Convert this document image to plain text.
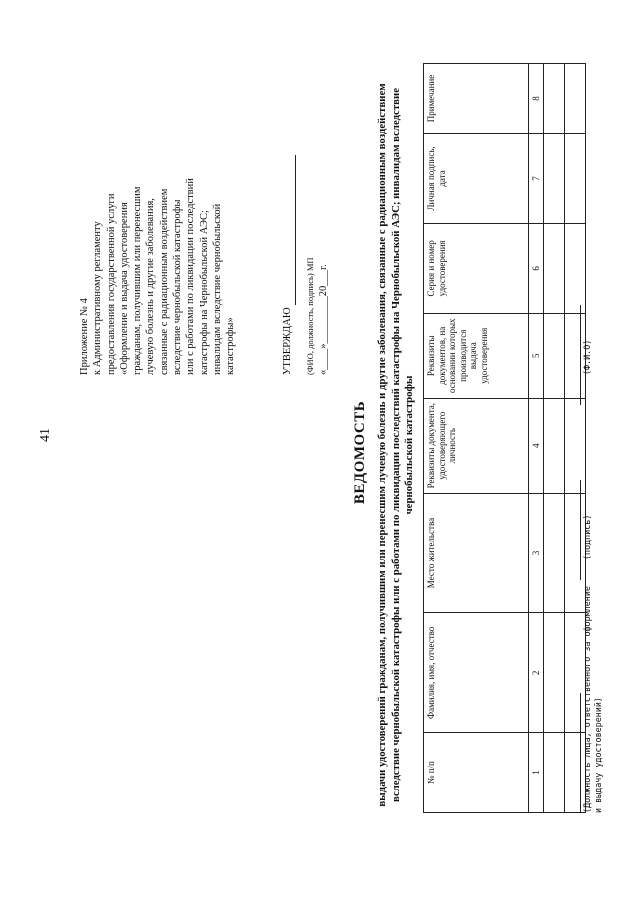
41
Приложение № 4 к Административному регламенту предоставления государственной услуги «Оформление и выдача удостоверения гражданам, получившим или перенесшим лучевую болезнь и другие заболевания, связанные с радиационным воздействием вследствие чернобыльской катастрофы или с работами по ликвидации последствий катастрофы на Чернобыльской АЭС; инвалидам вследствие чернобыльской катастрофы»	УТВЕРЖДАЮ (ФИО, должность, подпись) МП «____»_________20___г.
ВЕДОМОСТЬ выдачи удостоверений гражданам, получившим или перенесшим лучевую болезнь и другие заболевания, связанные с радиационным воздействием вследствие чернобыльской катастрофы или с работами по ликвидации последствий катастрофы на Чернобыльской АЭС; инвалидам вследствие чернобыльской катастрофы
№ п/п	Фамилия, имя, отчество	Место жительства	Реквизиты документа, удостоверяющего личность	Реквизиты документов, на основании которых производится выдача удостоверения	Серия и номер удостоверения	Личная подпись, дата	Примечание
1	2	3	4	5	6	7	8

(Должность лица, ответственного за оформление и выдачу удостоверений)
(подпись)
(Ф.И.О)
